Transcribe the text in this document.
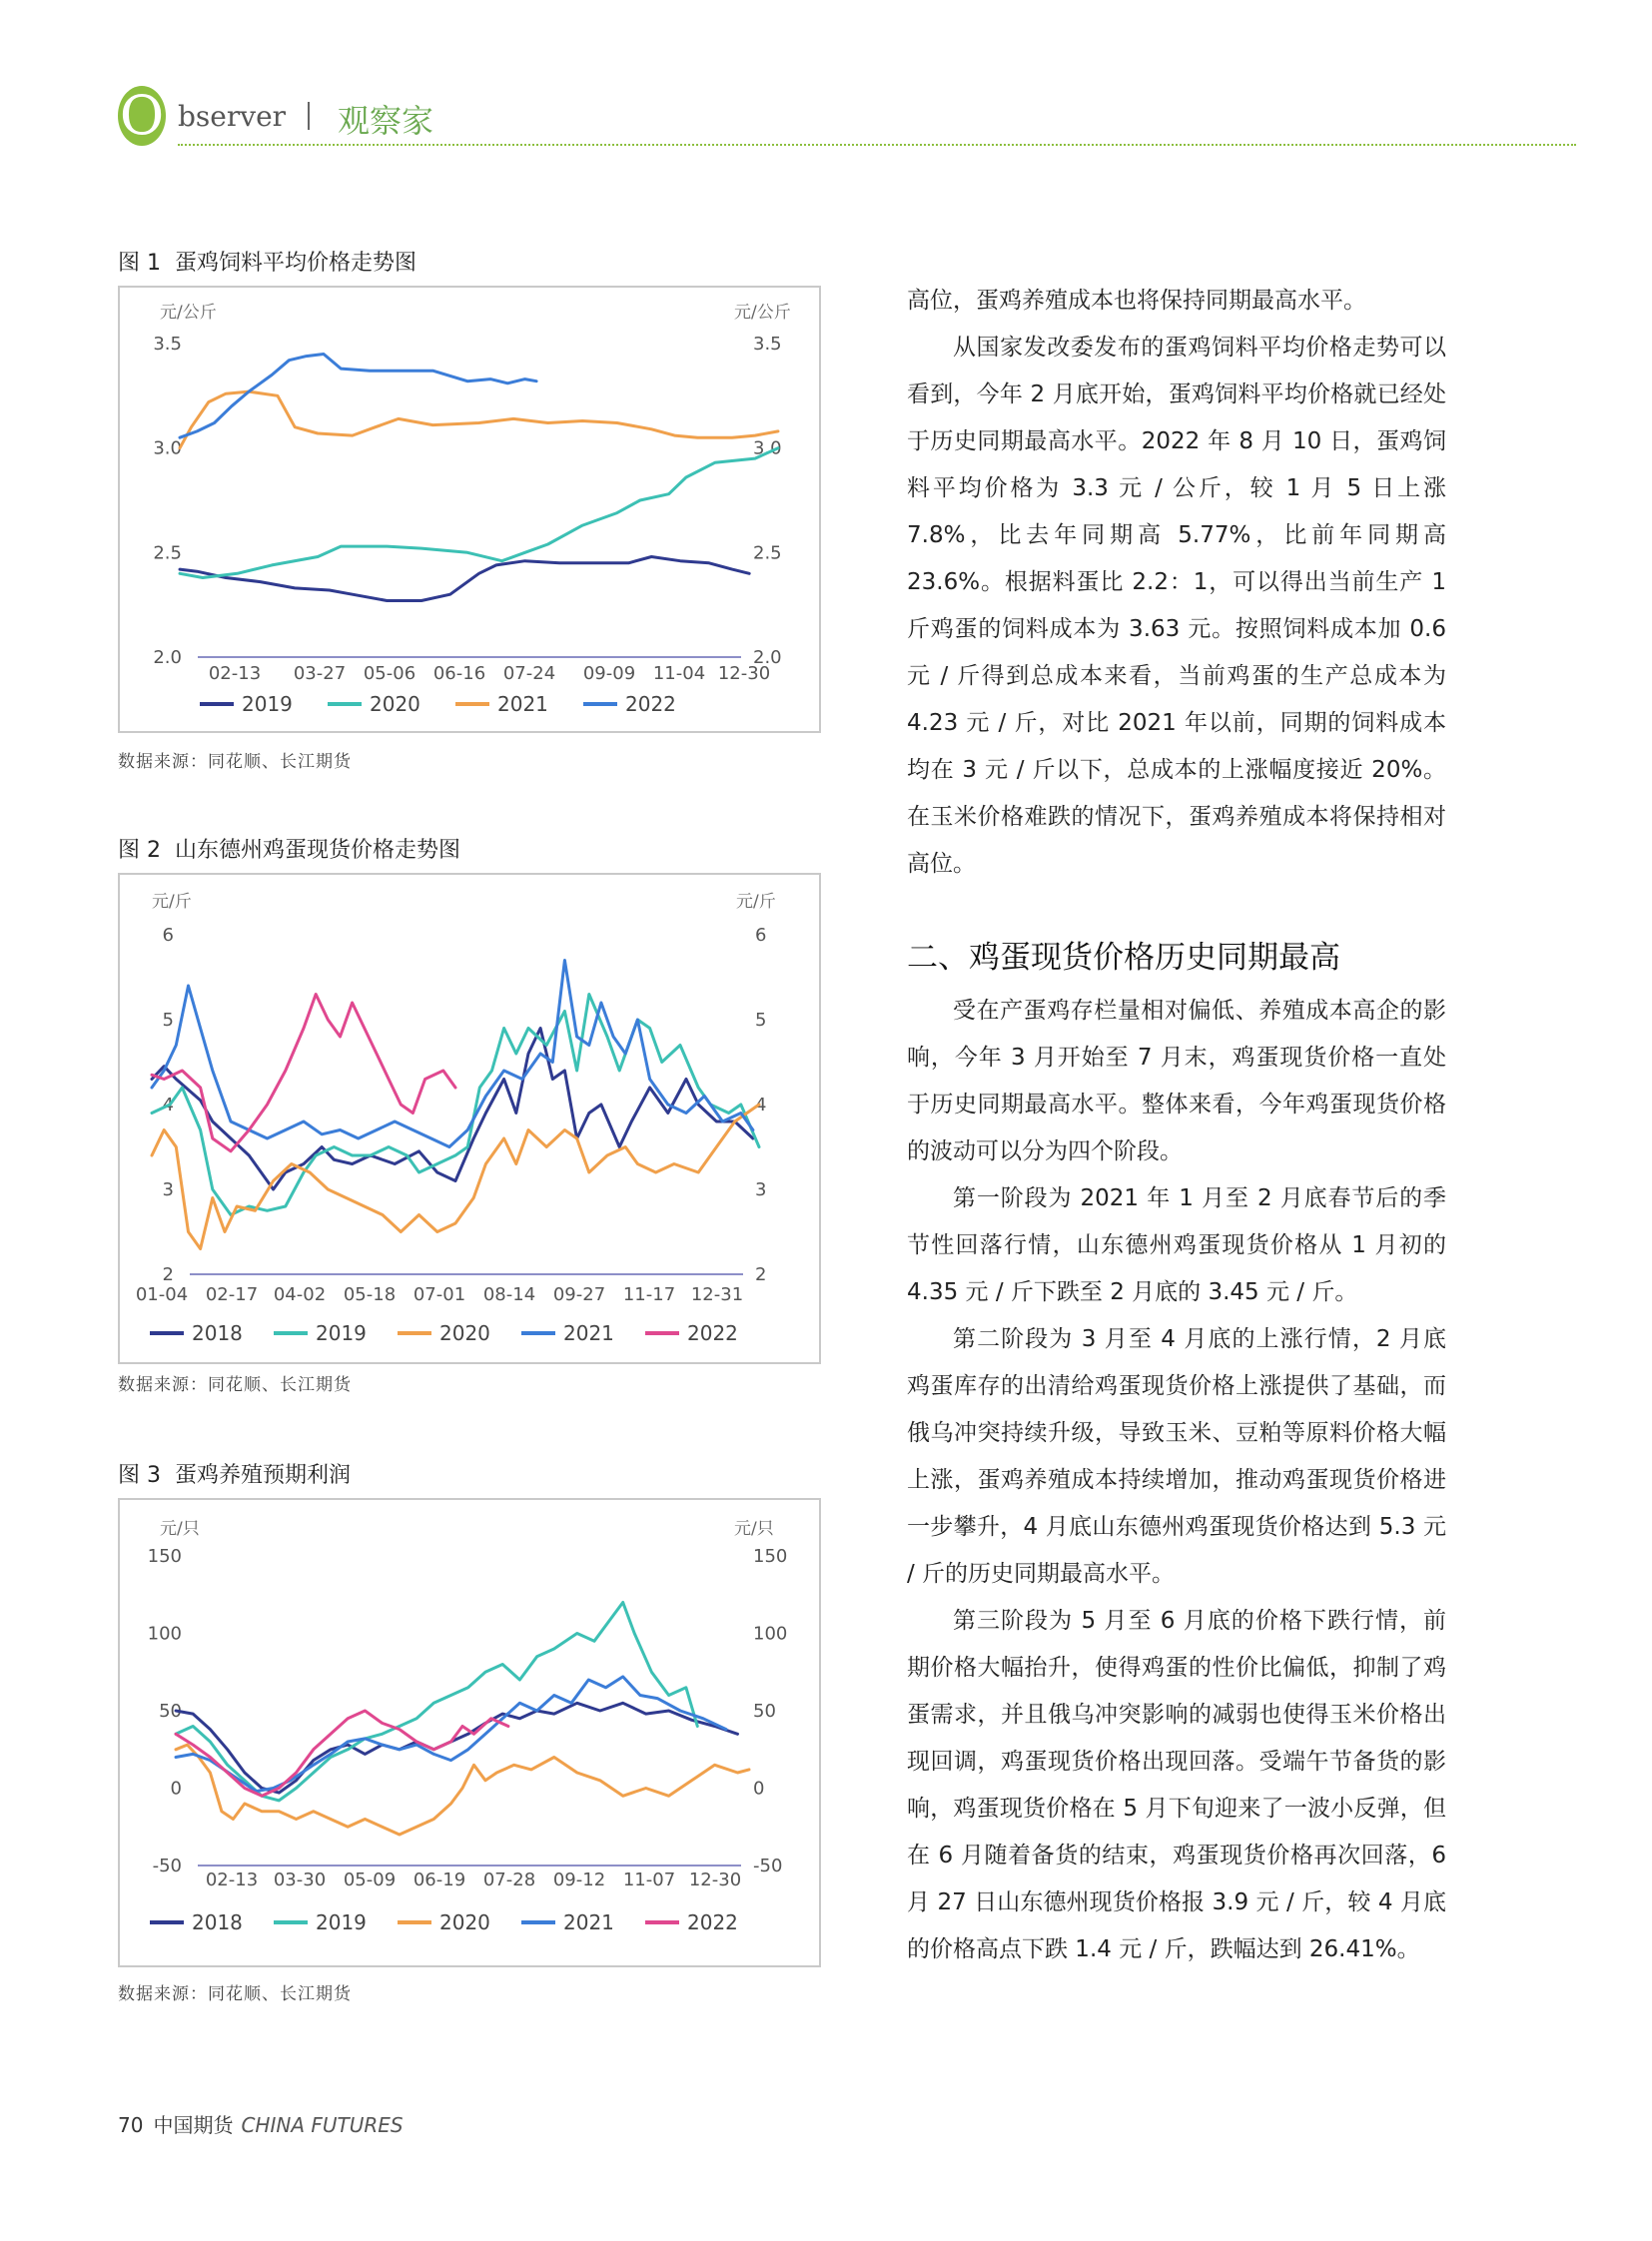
O bserver 观察家
图 1 蛋鸡饲料平均价格走势图
元/公斤	元/公斤
2.0	2.0
2.5	2.5
3.0	3.0
3.5	3.5
02-13 03-27 05-06 06-16 07-24 09-09 11-04 12-30
2019	2020	2021	2022
数据来源：同花顺、长江期货
图 2 山东德州鸡蛋现货价格走势图
元/斤	元/斤
2	2
3	3
4	4
5	5
6	6
01-04 02-17 04-02 05-18 07-01 08-14 09-27 11-17 12-31
2018	2019	2020	2021	2022
数据来源：同花顺、长江期货
图 3 蛋鸡养殖预期利润
元/只	元/只
-50	-50
0	0
50	50
100	100
150	150
02-13 03-30 05-09 06-19 07-28 09-12 11-07 12-30
2018	2019	2020	2021	2022
数据来源：同花顺、长江期货

高位，蛋鸡养殖成本也将保持同期最高水平。

从国家发改委发布的蛋鸡饲料平均价格走势可以看到，今年 2 月底开始，蛋鸡饲料平均价格就已经处于历史同期最高水平。2022 年 8 月 10 日，蛋鸡饲料平均价格为 3.3 元 / 公斤，较 1 月 5 日上涨 7.8%，比去年同期高 5.77%，比前年同期高 23.6%。根据料蛋比 2.2：1，可以得出当前生产 1 斤鸡蛋的饲料成本为 3.63 元。按照饲料成本加 0.6 元 / 斤得到总成本来看，当前鸡蛋的生产总成本为 4.23 元 / 斤，对比 2021 年以前，同期的饲料成本均在 3 元 / 斤以下，总成本的上涨幅度接近 20%。在玉米价格难跌的情况下，蛋鸡养殖成本将保持相对高位。

二、鸡蛋现货价格历史同期最高

受在产蛋鸡存栏量相对偏低、养殖成本高企的影响，今年 3 月开始至 7 月末，鸡蛋现货价格一直处于历史同期最高水平。整体来看，今年鸡蛋现货价格的波动可以分为四个阶段。

第一阶段为 2021 年 1 月至 2 月底春节后的季节性回落行情，山东德州鸡蛋现货价格从 1 月初的 4.35 元 / 斤下跌至 2 月底的 3.45 元 / 斤。

第二阶段为 3 月至 4 月底的上涨行情，2 月底鸡蛋库存的出清给鸡蛋现货价格上涨提供了基础，而俄乌冲突持续升级，导致玉米、豆粕等原料价格大幅上涨，蛋鸡养殖成本持续增加，推动鸡蛋现货价格进一步攀升，4 月底山东德州鸡蛋现货价格达到 5.3 元 / 斤的历史同期最高水平。

第三阶段为 5 月至 6 月底的价格下跌行情，前期价格大幅抬升，使得鸡蛋的性价比偏低，抑制了鸡蛋需求，并且俄乌冲突影响的减弱也使得玉米价格出现回调，鸡蛋现货价格出现回落。受端午节备货的影响，鸡蛋现货价格在 5 月下旬迎来了一波小反弹，但在 6 月随着备货的结束，鸡蛋现货价格再次回落，6 月 27 日山东德州现货价格报 3.9 元 / 斤，较 4 月底的价格高点下跌 1.4 元 / 斤，跌幅达到 26.41%。

70 中国期货 CHINA FUTURES
